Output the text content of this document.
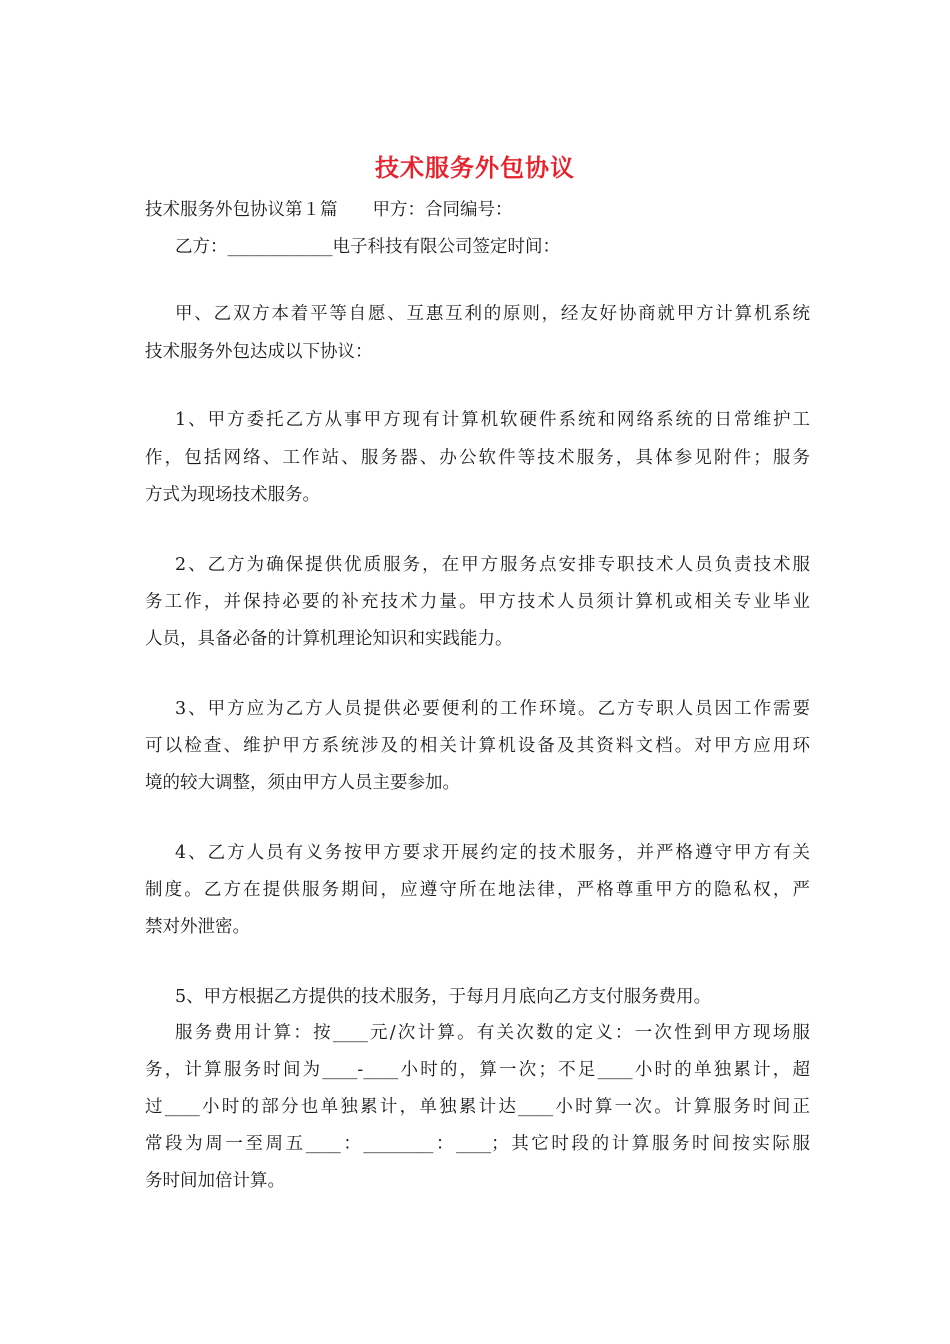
技术服务外包协议
技术服务外包协议第１篇　　甲方：合同编号：
乙方：____________电子科技有限公司签定时间：
甲、乙双方本着平等自愿、互惠互利的原则，经友好协商就甲方计算机系统
技术服务外包达成以下协议：
1、甲方委托乙方从事甲方现有计算机软硬件系统和网络系统的日常维护工
作，包括网络、工作站、服务器、办公软件等技术服务，具体参见附件；服务
方式为现场技术服务。
2、乙方为确保提供优质服务，在甲方服务点安排专职技术人员负责技术服
务工作，并保持必要的补充技术力量。甲方技术人员须计算机或相关专业毕业
人员，具备必备的计算机理论知识和实践能力。
3、甲方应为乙方人员提供必要便利的工作环境。乙方专职人员因工作需要
可以检查、维护甲方系统涉及的相关计算机设备及其资料文档。对甲方应用环
境的较大调整，须由甲方人员主要参加。
4、乙方人员有义务按甲方要求开展约定的技术服务，并严格遵守甲方有关
制度。乙方在提供服务期间，应遵守所在地法律，严格尊重甲方的隐私权，严
禁对外泄密。
5、甲方根据乙方提供的技术服务，于每月月底向乙方支付服务费用。
服务费用计算：按____元/次计算。有关次数的定义：一次性到甲方现场服
务，计算服务时间为____-____小时的，算一次；不足____小时的单独累计，超
过____小时的部分也单独累计，单独累计达____小时算一次。计算服务时间正
常段为周一至周五____：________：____；其它时段的计算服务时间按实际服
务时间加倍计算。
